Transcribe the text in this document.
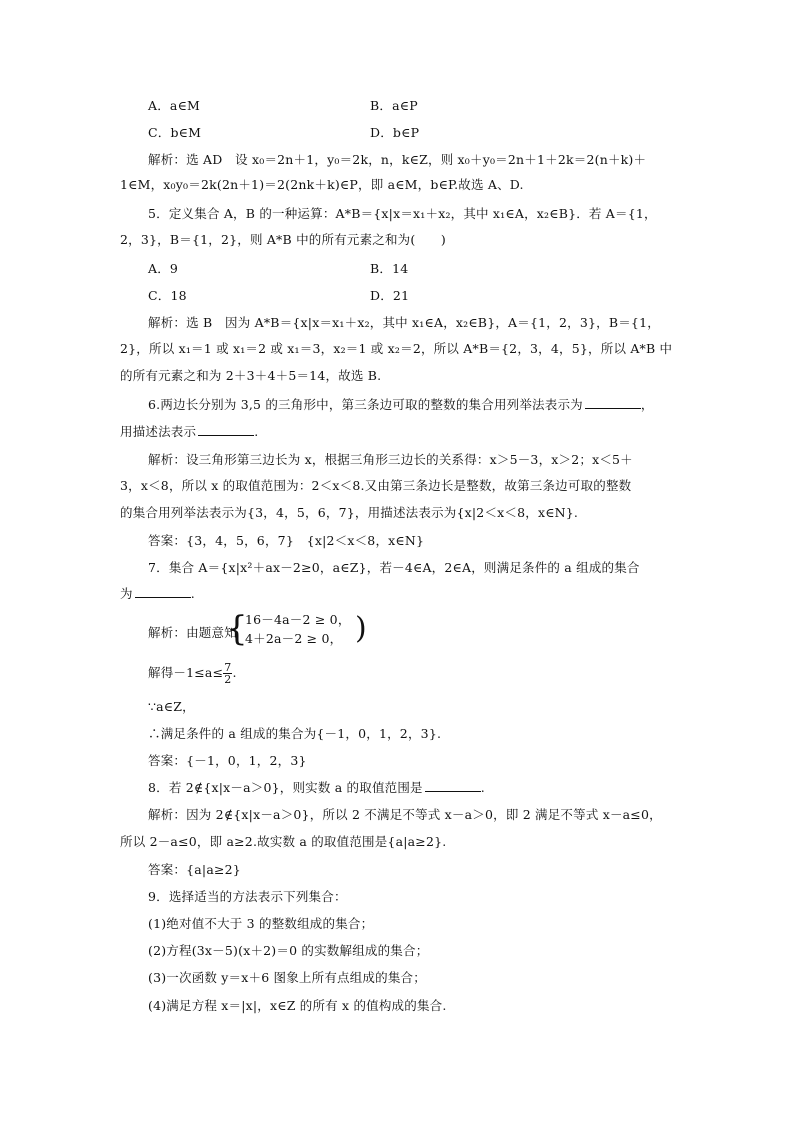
A．a∈M	B．a∈P
C．b∈M	D．b∈P
解析：选 AD　设 x₀＝2n＋1，y₀＝2k，n，k∈Z，则 x₀＋y₀＝2n＋1＋2k＝2(n＋k)＋
1∈M，x₀y₀＝2k(2n＋1)＝2(2nk＋k)∈P，即 a∈M，b∈P.故选 A、D.
5．定义集合 A，B 的一种运算：A*B＝{x|x＝x₁＋x₂，其中 x₁∈A，x₂∈B}．若 A＝{1，
2，3}，B＝{1，2}，则 A*B 中的所有元素之和为(　　)
A．9	B．14
C．18	D．21
解析：选 B　因为 A*B＝{x|x＝x₁＋x₂，其中 x₁∈A，x₂∈B}，A＝{1，2，3}，B＝{1，
2}，所以 x₁＝1 或 x₁＝2 或 x₁＝3，x₂＝1 或 x₂＝2，所以 A*B＝{2，3，4，5}，所以 A*B 中
的所有元素之和为 2＋3＋4＋5＝14，故选 B.
6.两边长分别为 3,5 的三角形中，第三条边可取的整数的集合用列举法表示为	，
用描述法表示	.
解析：设三角形第三边长为 x，根据三角形三边长的关系得：x＞5－3，x＞2；x＜5＋
3，x＜8，所以 x 的取值范围为：2＜x＜8.又由第三条边长是整数，故第三条边可取的整数
的集合用列举法表示为{3，4，5，6，7}，用描述法表示为{x|2＜x＜8，x∈N}.
答案：{3，4，5，6，7}　{x|2＜x＜8，x∈N}
7．集合 A＝{x|x²＋ax－2≥0，a∈Z}，若－4∈A，2∈A，则满足条件的 a 组成的集合
为	.
解析：由题意知
{
16－4a－2 ≥ 0，
4＋2a－2 ≥ 0， )
解得$-1\le a\le \frac{7}{2}$ .
∵a∈Z，
∴满足条件的 a 组成的集合为{－1，0，1，2，3}.
答案：{－1，0，1，2，3}
8．若 2∉{x|x－a＞0}，则实数 a 的取值范围是	.
解析：因为 2∉{x|x－a＞0}，所以 2 不满足不等式 x－a＞0，即 2 满足不等式 x－a≤0，
所以 2－a≤0，即 a≥2.故实数 a 的取值范围是{a|a≥2}.
答案：{a|a≥2}
9．选择适当的方法表示下列集合：
(1)绝对值不大于 3 的整数组成的集合；
(2)方程(3x－5)(x＋2)＝0 的实数解组成的集合；
(3)一次函数 y＝x＋6 图象上所有点组成的集合；
(4)满足方程 x＝|x|，x∈Z 的所有 x 的值构成的集合.
